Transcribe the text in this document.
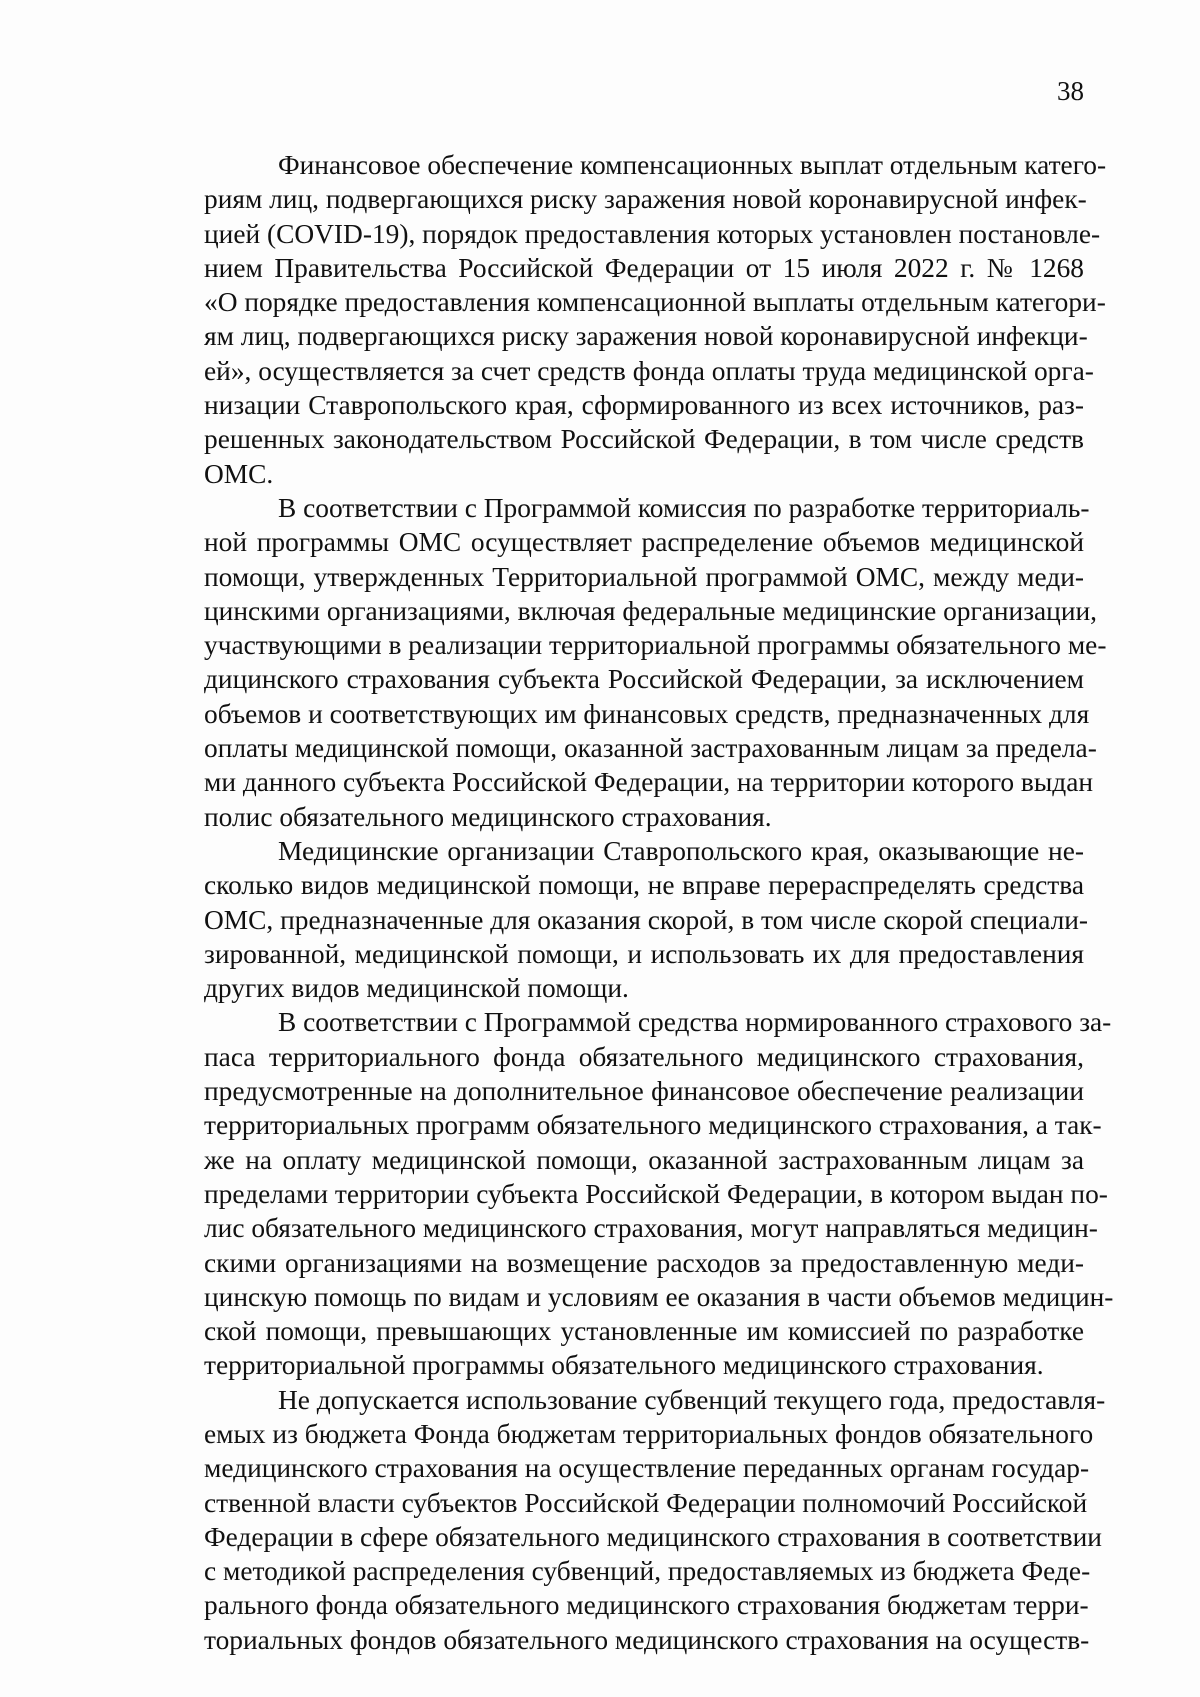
38

Финансовое обеспечение компенсационных выплат отдельным катего-
риям лиц, подвергающихся риску заражения новой коронавирусной инфек-
цией (COVID-19), порядок предоставления которых установлен постановле-
нием Правительства Российской Федерации от 15 июля 2022 г. № 1268
«О порядке предоставления компенсационной выплаты отдельным категори-
ям лиц, подвергающихся риску заражения новой коронавирусной инфекци-
ей», осуществляется за счет средств фонда оплаты труда медицинской орга-
низации Ставропольского края, сформированного из всех источников, раз-
решенных законодательством Российской Федерации, в том числе средств
ОМС.

В соответствии с Программой комиссия по разработке территориаль-
ной программы ОМС осуществляет распределение объемов медицинской
помощи, утвержденных Территориальной программой ОМС, между меди-
цинскими организациями, включая федеральные медицинские организации,
участвующими в реализации территориальной программы обязательного ме-
дицинского страхования субъекта Российской Федерации, за исключением
объемов и соответствующих им финансовых средств, предназначенных для
оплаты медицинской помощи, оказанной застрахованным лицам за предела-
ми данного субъекта Российской Федерации, на территории которого выдан
полис обязательного медицинского страхования.

Медицинские организации Ставропольского края, оказывающие не-
сколько видов медицинской помощи, не вправе перераспределять средства
ОМС, предназначенные для оказания скорой, в том числе скорой специали-
зированной, медицинской помощи, и использовать их для предоставления
других видов медицинской помощи.

В соответствии с Программой средства нормированного страхового за-
паса территориального фонда обязательного медицинского страхования,
предусмотренные на дополнительное финансовое обеспечение реализации
территориальных программ обязательного медицинского страхования, а так-
же на оплату медицинской помощи, оказанной застрахованным лицам за
пределами территории субъекта Российской Федерации, в котором выдан по-
лис обязательного медицинского страхования, могут направляться медицин-
скими организациями на возмещение расходов за предоставленную меди-
цинскую помощь по видам и условиям ее оказания в части объемов медицин-
ской помощи, превышающих установленные им комиссией по разработке
территориальной программы обязательного медицинского страхования.

Не допускается использование субвенций текущего года, предоставля-
емых из бюджета Фонда бюджетам территориальных фондов обязательного
медицинского страхования на осуществление переданных органам государ-
ственной власти субъектов Российской Федерации полномочий Российской
Федерации в сфере обязательного медицинского страхования в соответствии
с методикой распределения субвенций, предоставляемых из бюджета Феде-
рального фонда обязательного медицинского страхования бюджетам терри-
ториальных фондов обязательного медицинского страхования на осуществ-
